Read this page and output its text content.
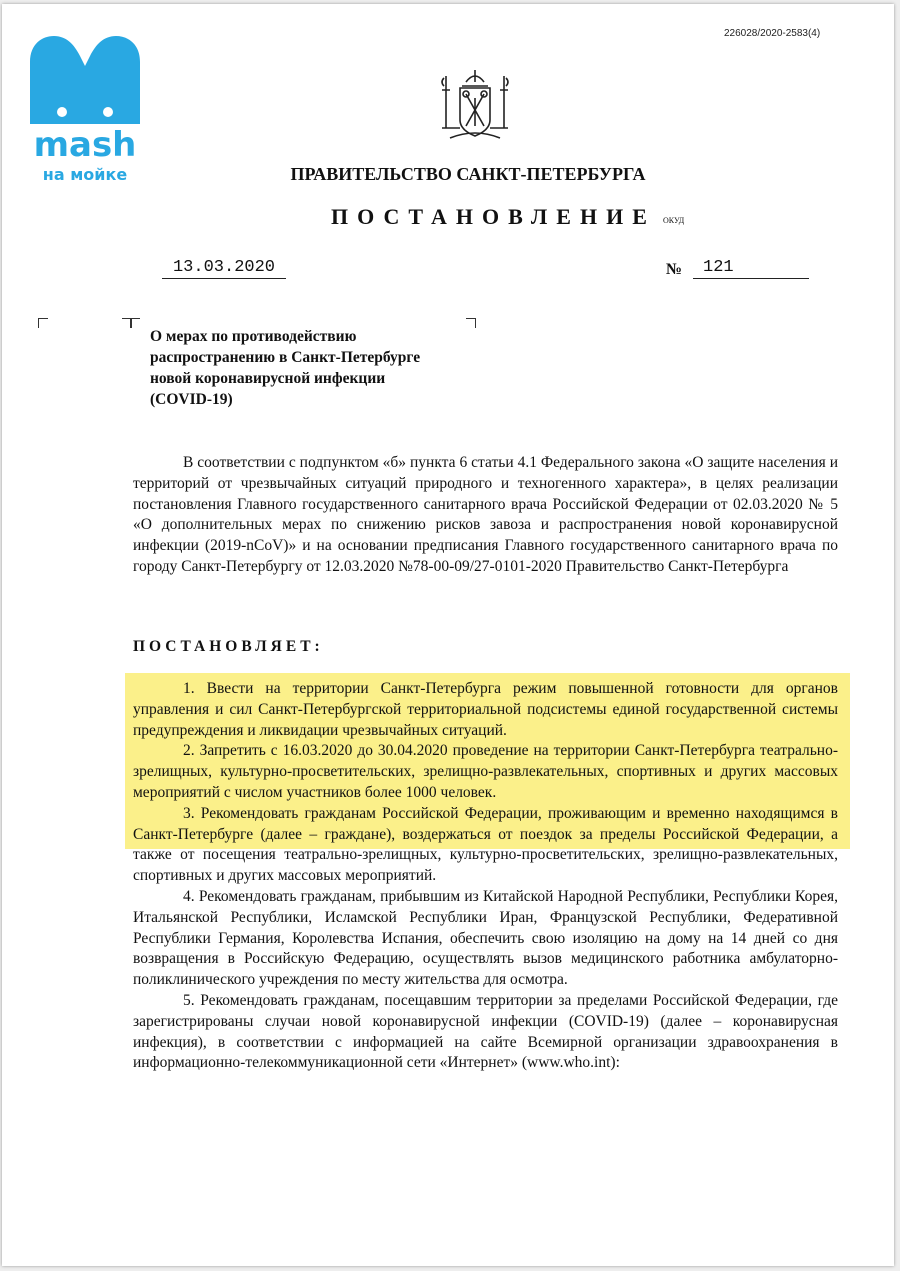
226028/2020-2583(4)
mash
на мойке	ПРАВИТЕЛЬСТВО САНКТ-ПЕТЕРБУРГА
ПОСТАНОВЛЕНИЕ ОКУД
13.03.2020	№	121
О мерах по противодействию
распространению в Санкт-Петербурге
новой коронавирусной инфекции
(COVID-19)

В соответствии с подпунктом «б» пункта 6 статьи 4.1 Федерального закона «О защите населения и территорий от чрезвычайных ситуаций природного и техногенного характера», в целях реализации постановления Главного государственного санитарного врача Российской Федерации от 02.03.2020 № 5 «О дополнительных мерах по снижению рисков завоза и распространения новой коронавирусной инфекции (2019-nCoV)» и на основании предписания Главного государственного санитарного врача по городу Санкт-Петербургу от 12.03.2020 №78-00-09/27-0101-2020 Правительство Санкт-Петербурга

ПОСТАНОВЛЯЕТ:

1. Ввести на территории Санкт-Петербурга режим повышенной готовности для органов управления и сил Санкт-Петербургской территориальной подсистемы единой государственной системы предупреждения и ликвидации чрезвычайных ситуаций.

2. Запретить с 16.03.2020 до 30.04.2020 проведение на территории Санкт-Петербурга театрально-зрелищных, культурно-просветительских, зрелищно-развлекательных, спортивных и других массовых мероприятий с числом участников более 1000 человек.

3. Рекомендовать гражданам Российской Федерации, проживающим и временно находящимся в Санкт-Петербурге (далее – граждане), воздержаться от поездок за пределы Российской Федерации, а также от посещения театрально-зрелищных, культурно-просветительских, зрелищно-развлекательных, спортивных и других массовых мероприятий.

4. Рекомендовать гражданам, прибывшим из Китайской Народной Республики, Республики Корея, Итальянской Республики, Исламской Республики Иран, Французской Республики, Федеративной Республики Германия, Королевства Испания, обеспечить свою изоляцию на дому на 14 дней со дня возвращения в Российскую Федерацию, осуществлять вызов медицинского работника амбулаторно-поликлинического учреждения по месту жительства для осмотра.

5. Рекомендовать гражданам, посещавшим территории за пределами Российской Федерации, где зарегистрированы случаи новой коронавирусной инфекции (COVID-19) (далее – коронавирусная инфекция), в соответствии с информацией на сайте Всемирной организации здравоохранения в информационно-телекоммуникационной сети «Интернет» (www.who.int):
